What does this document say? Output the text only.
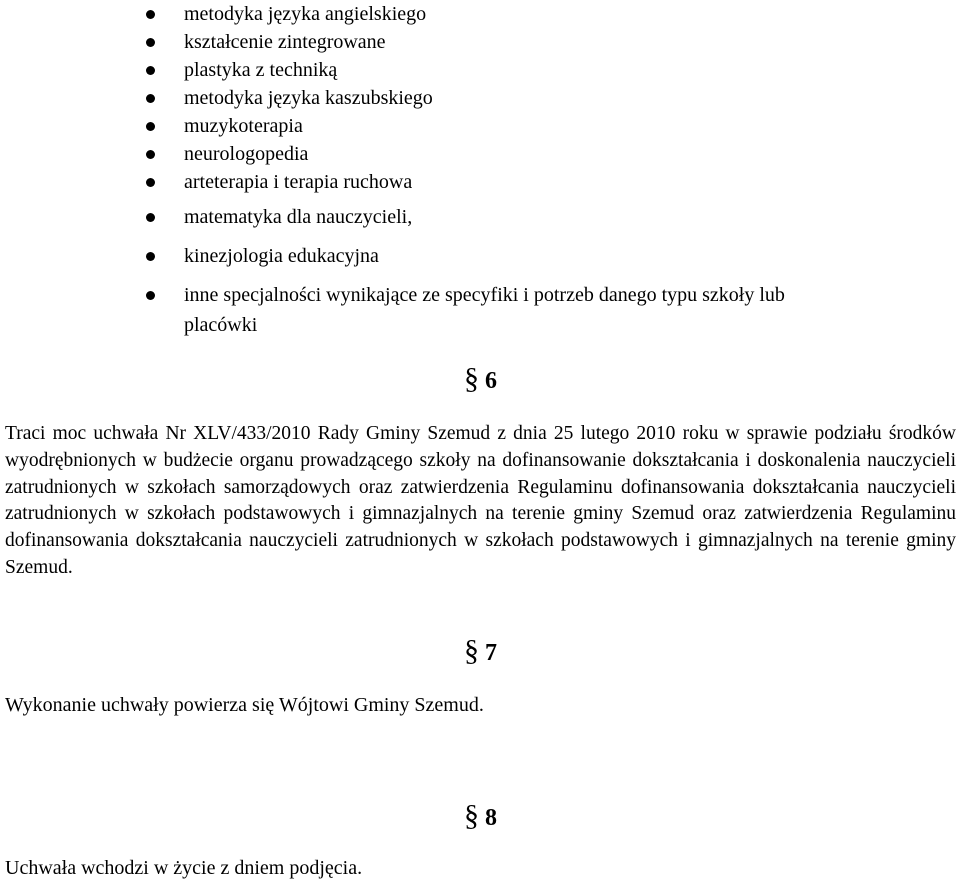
metodyka języka angielskiego
kształcenie zintegrowane
plastyka z techniką
metodyka języka kaszubskiego
muzykoterapia
neurologopedia
arteterapia i terapia ruchowa
matematyka dla nauczycieli,
kinezjologia edukacyjna
inne specjalności wynikające ze specyfiki i potrzeb danego typu szkoły lub
placówki
§ 6
Traci moc uchwała Nr XLV/433/2010 Rady Gminy Szemud z dnia 25 lutego 2010 roku w sprawie podziału środków wyodrębnionych w budżecie organu prowadzącego szkoły na dofinansowanie dokształcania i doskonalenia nauczycieli zatrudnionych w szkołach samorządowych oraz zatwierdzenia Regulaminu dofinansowania dokształcania nauczycieli zatrudnionych w szkołach podstawowych i gimnazjalnych na terenie gminy Szemud oraz zatwierdzenia Regulaminu dofinansowania dokształcania nauczycieli zatrudnionych w szkołach podstawowych i gimnazjalnych na terenie gminy Szemud.
§ 7
Wykonanie uchwały powierza się Wójtowi Gminy Szemud.
§ 8
Uchwała wchodzi w życie z dniem podjęcia.
